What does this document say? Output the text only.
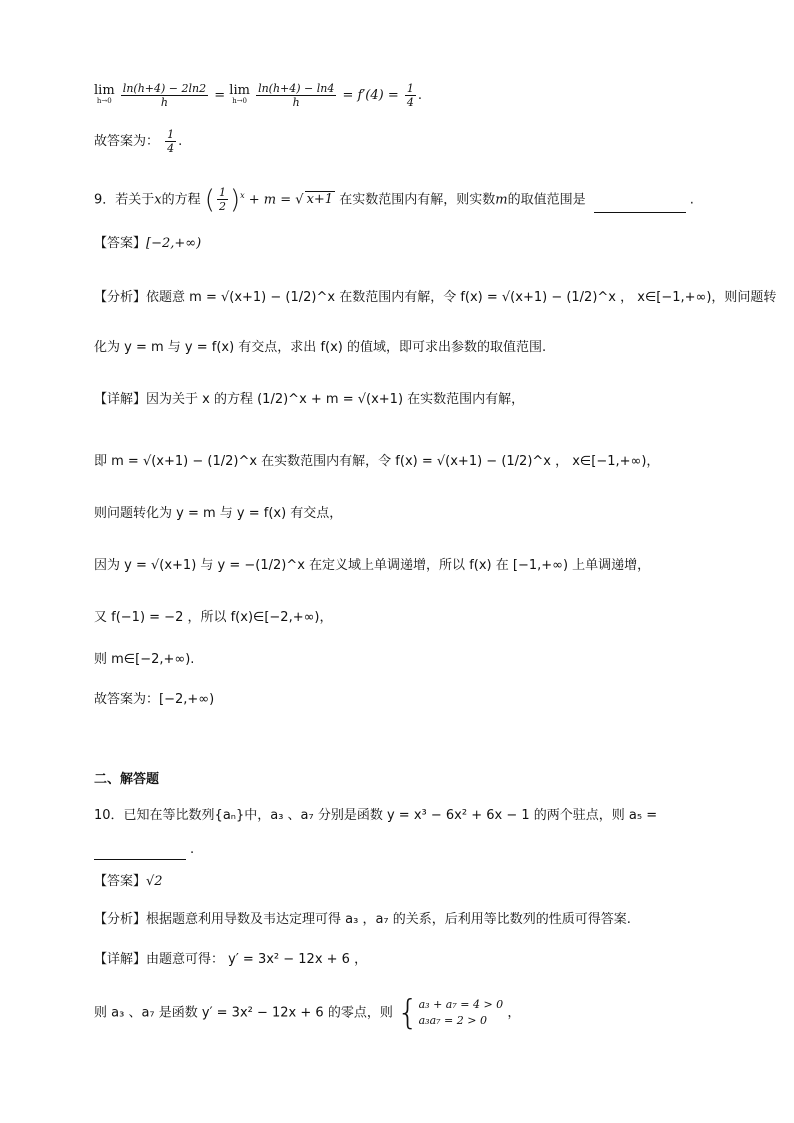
lim
h→0
$\frac{\ln(h+4) - 2\ln 2}{h} = \lim$
h→0
$\frac{\ln(h+4) - \ln 4}{h} = f'(4) = \frac{1}{4}$ .
故答案为： $\frac{1}{4}$ .
9．若关于x的方程 ( $\frac{1}{2} )^x + m$ = √ x+1 在实数范围内有解，则实数m的取值范围是	.
【答案】[−2,+∞)
【分析】依题意 m = √(x+1) − (1/2)^x 在数范围内有解，令 f(x) = √(x+1) − (1/2)^x ， x∈[−1,+∞)，则问题转
化为 y = m 与 y = f(x) 有交点，求出 f(x) 的值域，即可求出参数的取值范围.
【详解】因为关于 x 的方程 (1/2)^x + m = √(x+1) 在实数范围内有解，
即 m = √(x+1) − (1/2)^x 在实数范围内有解，令 f(x) = √(x+1) − (1/2)^x ， x∈[−1,+∞)，
则问题转化为 y = m 与 y = f(x) 有交点，
因为 y = √(x+1) 与 y = −(1/2)^x 在定义域上单调递增，所以 f(x) 在 [−1,+∞) 上单调递增，
又 f(−1) = −2 ，所以 f(x)∈[−2,+∞)，
则 m∈[−2,+∞).
故答案为：[−2,+∞)
二、解答题
10．已知在等比数列{aₙ}中，a₃ 、a₇ 分别是函数 y = x³ − 6x² + 6x − 1 的两个驻点，则 a₅ =
.
【答案】√2
【分析】根据题意利用导数及韦达定理可得 a₃ ，a₇ 的关系，后利用等比数列的性质可得答案.
【详解】由题意可得： y′ = 3x² − 12x + 6 ，
则 a₃ 、a₇ 是函数 y′ = 3x² − 12x + 6 的零点，则 { a₃ + a₇ = 4 > 0
a₃a₇ = 2 > 0	，
